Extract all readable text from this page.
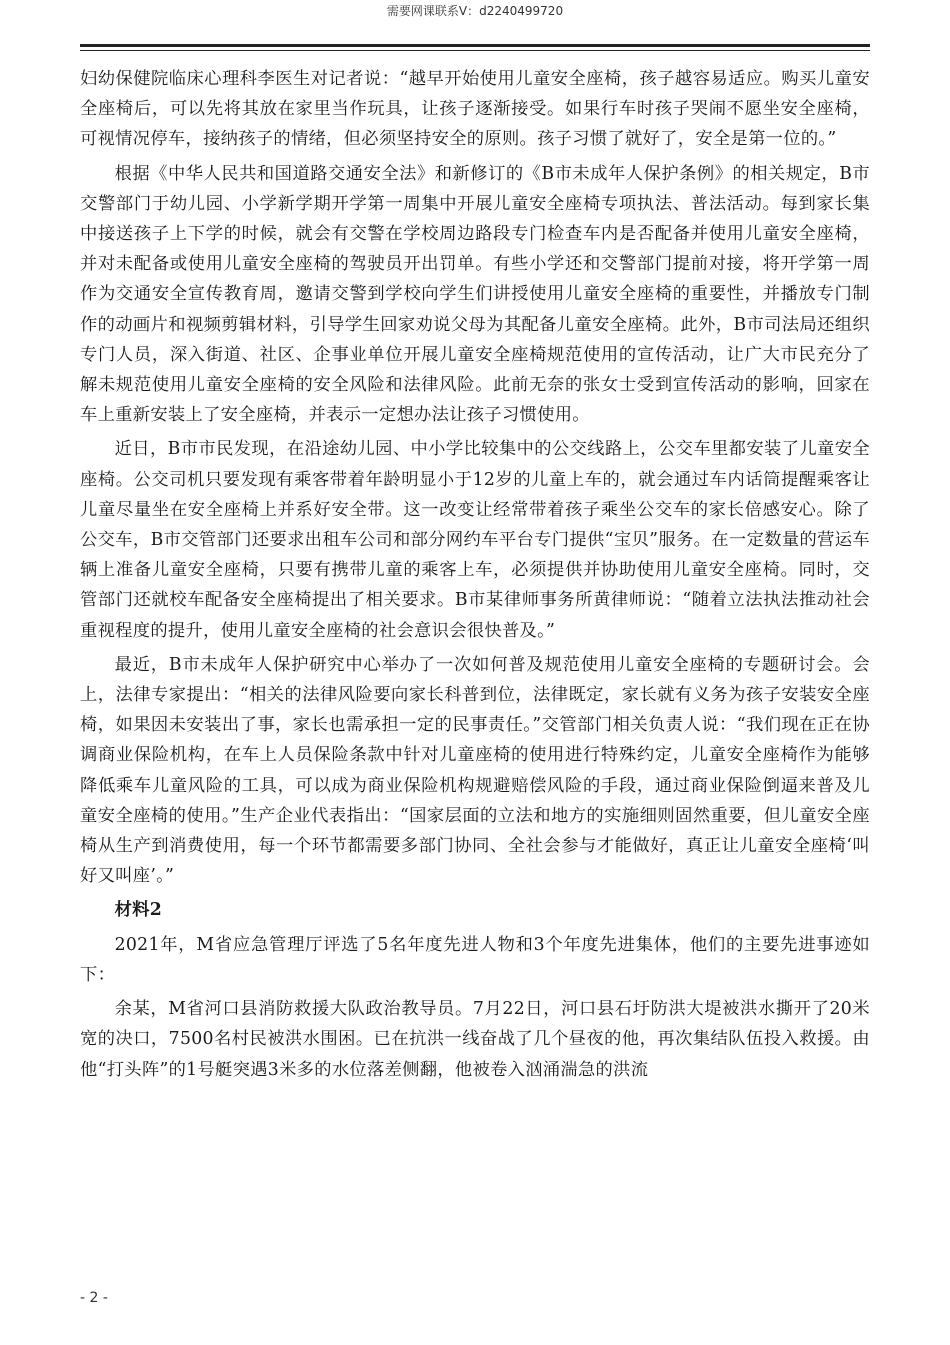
需要网课联系V：d2240499720

妇幼保健院临床心理科李医生对记者说：“越早开始使用儿童安全座椅，孩子越容易适应。购买儿童安全座椅后，可以先将其放在家里当作玩具，让孩子逐渐接受。如果行车时孩子哭闹不愿坐安全座椅，可视情况停车，接纳孩子的情绪，但必须坚持安全的原则。孩子习惯了就好了，安全是第一位的。”

根据《中华人民共和国道路交通安全法》和新修订的《B市未成年人保护条例》的相关规定，B市交警部门于幼儿园、小学新学期开学第一周集中开展儿童安全座椅专项执法、普法活动。每到家长集中接送孩子上下学的时候，就会有交警在学校周边路段专门检查车内是否配备并使用儿童安全座椅，并对未配备或使用儿童安全座椅的驾驶员开出罚单。有些小学还和交警部门提前对接，将开学第一周作为交通安全宣传教育周，邀请交警到学校向学生们讲授使用儿童安全座椅的重要性，并播放专门制作的动画片和视频剪辑材料，引导学生回家劝说父母为其配备儿童安全座椅。此外，B市司法局还组织专门人员，深入街道、社区、企事业单位开展儿童安全座椅规范使用的宣传活动，让广大市民充分了解未规范使用儿童安全座椅的安全风险和法律风险。此前无奈的张女士受到宣传活动的影响，回家在车上重新安装上了安全座椅，并表示一定想办法让孩子习惯使用。

近日，B市市民发现，在沿途幼儿园、中小学比较集中的公交线路上，公交车里都安装了儿童安全座椅。公交司机只要发现有乘客带着年龄明显小于12岁的儿童上车的，就会通过车内话筒提醒乘客让儿童尽量坐在安全座椅上并系好安全带。这一改变让经常带着孩子乘坐公交车的家长倍感安心。除了公交车，B市交管部门还要求出租车公司和部分网约车平台专门提供“宝贝”服务。在一定数量的营运车辆上准备儿童安全座椅，只要有携带儿童的乘客上车，必须提供并协助使用儿童安全座椅。同时，交管部门还就校车配备安全座椅提出了相关要求。B市某律师事务所黄律师说：“随着立法执法推动社会重视程度的提升，使用儿童安全座椅的社会意识会很快普及。”

最近，B市未成年人保护研究中心举办了一次如何普及规范使用儿童安全座椅的专题研讨会。会上，法律专家提出：“相关的法律风险要向家长科普到位，法律既定，家长就有义务为孩子安装安全座椅，如果因未安装出了事，家长也需承担一定的民事责任。”交管部门相关负责人说：“我们现在正在协调商业保险机构，在车上人员保险条款中针对儿童座椅的使用进行特殊约定，儿童安全座椅作为能够降低乘车儿童风险的工具，可以成为商业保险机构规避赔偿风险的手段，通过商业保险倒逼来普及儿童安全座椅的使用。”生产企业代表指出：“国家层面的立法和地方的实施细则固然重要，但儿童安全座椅从生产到消费使用，每一个环节都需要多部门协同、全社会参与才能做好，真正让儿童安全座椅‘叫好又叫座’。”

材料2

2021年，M省应急管理厅评选了5名年度先进人物和3个年度先进集体，他们的主要先进事迹如下：

余某，M省河口县消防救援大队政治教导员。7月22日，河口县石圩防洪大堤被洪水撕开了20米宽的决口，7500名村民被洪水围困。已在抗洪一线奋战了几个昼夜的他，再次集结队伍投入救援。由他“打头阵”的1号艇突遇3米多的水位落差侧翻，他被卷入汹涌湍急的洪流

- 2 -
